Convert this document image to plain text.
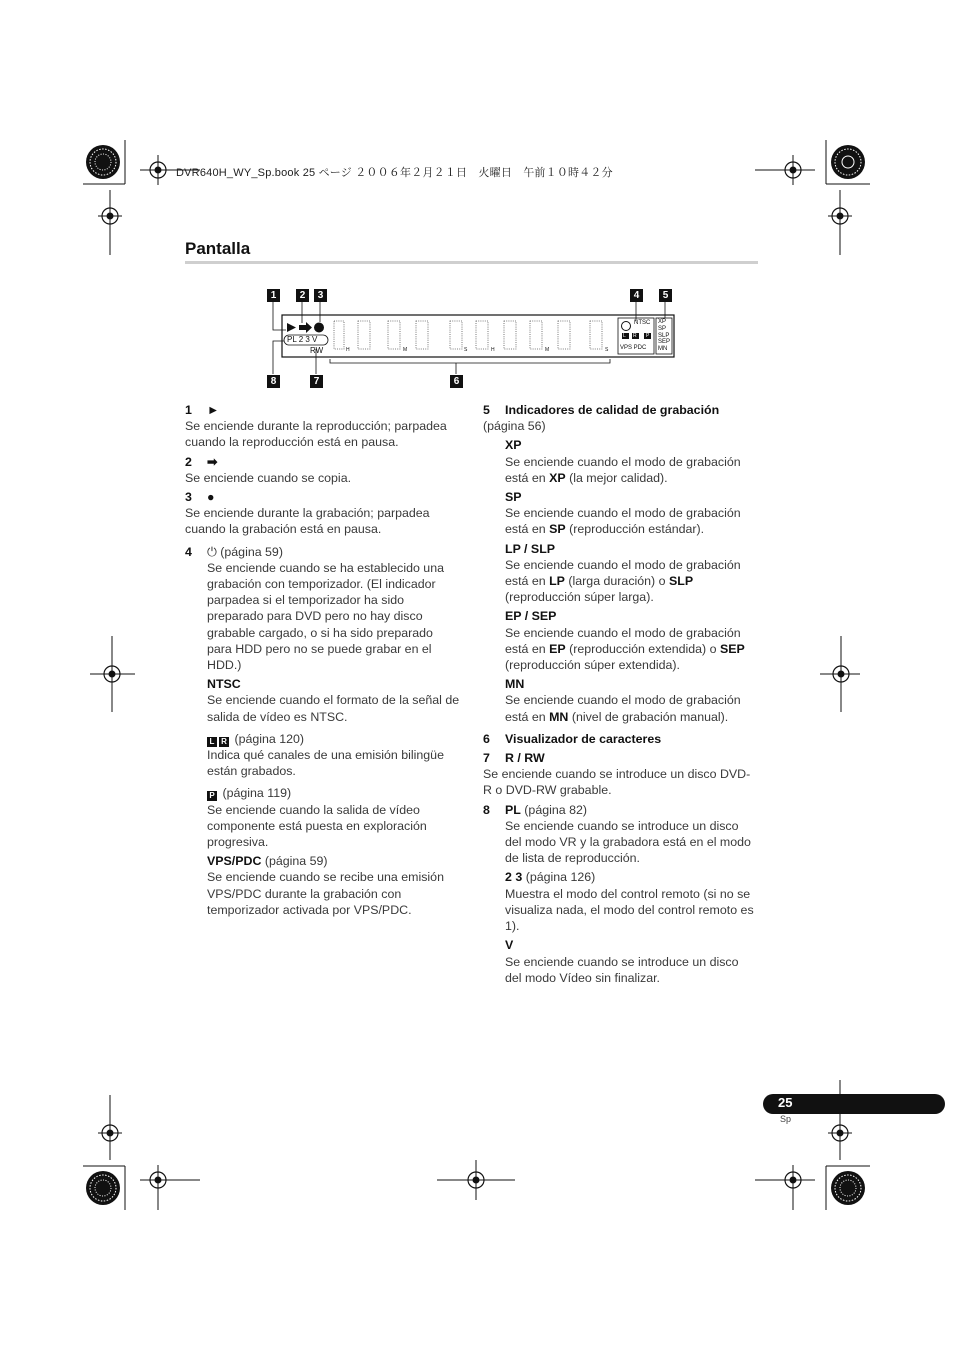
DVR640H_WY_Sp.book 25 ページ ２００６年２月２１日　火曜日　午前１０時４２分
Pantalla
PL 2 3 V
RW
NTSC
L R P
VPS PDC
XP
SP
SLP
SEP
MN
H	M	S	H	M	S
1	2	3	4	5
6
7
8

1 ►

Se enciende durante la reproducción; parpadea cuando la reproducción está en pausa.

2 ➡

Se enciende cuando se copia.

3 ●

Se enciende durante la grabación; parpadea cuando la grabación está en pausa.

4 ⏻ (página 59)

Se enciende cuando se ha establecido una grabación con temporizador. (El indicador parpadea si el temporizador ha sido preparado para DVD pero no hay disco grabable cargado, o si ha sido preparado para HDD pero no se puede grabar en el HDD.)

NTSC

Se enciende cuando el formato de la señal de salida de vídeo es NTSC.

L R (página 120)

Indica qué canales de una emisión bilingüe están grabados.

P (página 119)

Se enciende cuando la salida de vídeo componente está puesta en exploración progresiva.

VPS/PDC (página 59)

Se enciende cuando se recibe una emisión VPS/PDC durante la grabación con temporizador activada por VPS/PDC.

5 Indicadores de calidad de grabación

(página 56)

XP

Se enciende cuando el modo de grabación está en XP (la mejor calidad).

SP

Se enciende cuando el modo de grabación está en SP (reproducción estándar).

LP / SLP

Se enciende cuando el modo de grabación está en LP (larga duración) o SLP (reproducción súper larga).

EP / SEP

Se enciende cuando el modo de grabación está en EP (reproducción extendida) o SEP (reproducción súper extendida).

MN

Se enciende cuando el modo de grabación está en MN (nivel de grabación manual).

6 Visualizador de caracteres

7 R / RW

Se enciende cuando se introduce un disco DVD-R o DVD-RW grabable.

8 PL (página 82)

Se enciende cuando se introduce un disco del modo VR y la grabadora está en el modo de lista de reproducción.

2 3 (página 126)

Muestra el modo del control remoto (si no se visualiza nada, el modo del control remoto es 1).

V

Se enciende cuando se introduce un disco del modo Vídeo sin finalizar.

25
Sp
